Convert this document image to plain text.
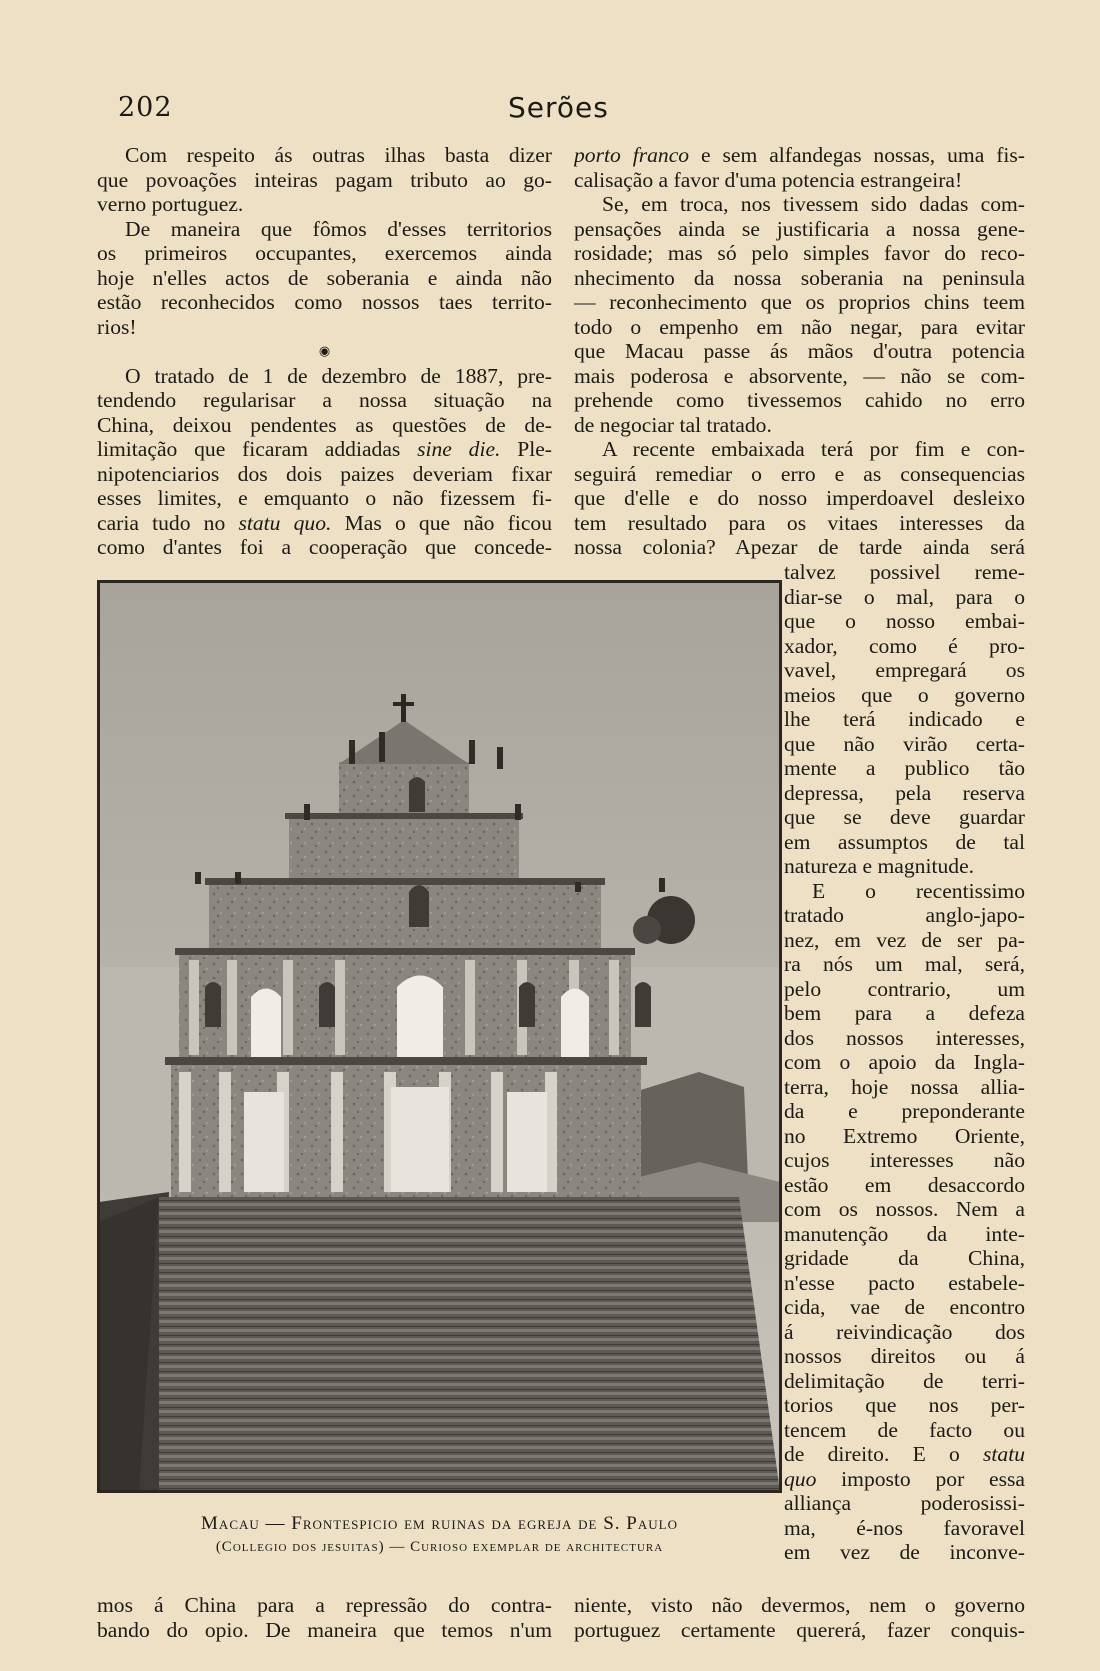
202	Serões
Com respeito ás outras ilhas basta dizer
que povoações inteiras pagam tributo ao go-
verno portuguez.
De maneira que fômos d'esses territorios
os primeiros occupantes, exercemos ainda
hoje n'elles actos de soberania e ainda não
estão reconhecidos como nossos taes territo-
rios!
◉
O tratado de 1 de dezembro de 1887, pre-
tendendo regularisar a nossa situação na
China, deixou pendentes as questões de de-
limitação que ficaram addiadas sine die. Ple-
nipotenciarios dos dois paizes deveriam fixar
esses limites, e emquanto o não fizessem fi-
caria tudo no statu quo. Mas o que não ficou
como d'antes foi a cooperação que concede-
porto franco e sem alfandegas nossas, uma fis-
calisação a favor d'uma potencia estrangeira!
Se, em troca, nos tivessem sido dadas com-
pensações ainda se justificaria a nossa gene-
rosidade; mas só pelo simples favor do reco-
nhecimento da nossa soberania na peninsula
— reconhecimento que os proprios chins teem
todo o empenho em não negar, para evitar
que Macau passe ás mãos d'outra potencia
mais poderosa e absorvente, — não se com-
prehende como tivessemos cahido no erro
de negociar tal tratado.
A recente embaixada terá por fim e con-
seguirá remediar o erro e as consequencias
que d'elle e do nosso imperdoavel desleixo
tem resultado para os vitaes interesses da
nossa colonia? Apezar de tarde ainda será
talvez possivel reme-
diar-se o mal, para o
que o nosso embai-
xador, como é pro-
vavel, empregará os
meios que o governo
lhe terá indicado e
que não virão certa-
mente a publico tão
depressa, pela reserva
que se deve guardar
em assumptos de tal
natureza e magnitude.
E o recentissimo
tratado anglo-japo-
nez, em vez de ser pa-
ra nós um mal, será,
pelo contrario, um
bem para a defeza
dos nossos interesses,
com o apoio da Ingla-
terra, hoje nossa allia-
da e preponderante
no Extremo Oriente,
cujos interesses não
estão em desaccordo
com os nossos. Nem a
manutenção da inte-
gridade da China,
n'esse pacto estabele-
cida, vae de encontro
á reivindicação dos
nossos direitos ou á
delimitação de terri-
torios que nos per-
tencem de facto ou
de direito. E o statu
quo imposto por essa
alliança poderosissi-
ma, é-nos favoravel
em vez de inconve-
Macau — Frontespicio em ruinas da egreja de S. Paulo
(Collegio dos jesuitas) — Curioso exemplar de architectura
mos á China para a repressão do contra-
bando do opio. De maneira que temos n'um
niente, visto não devermos, nem o governo
portuguez certamente quererá, fazer conquis-
